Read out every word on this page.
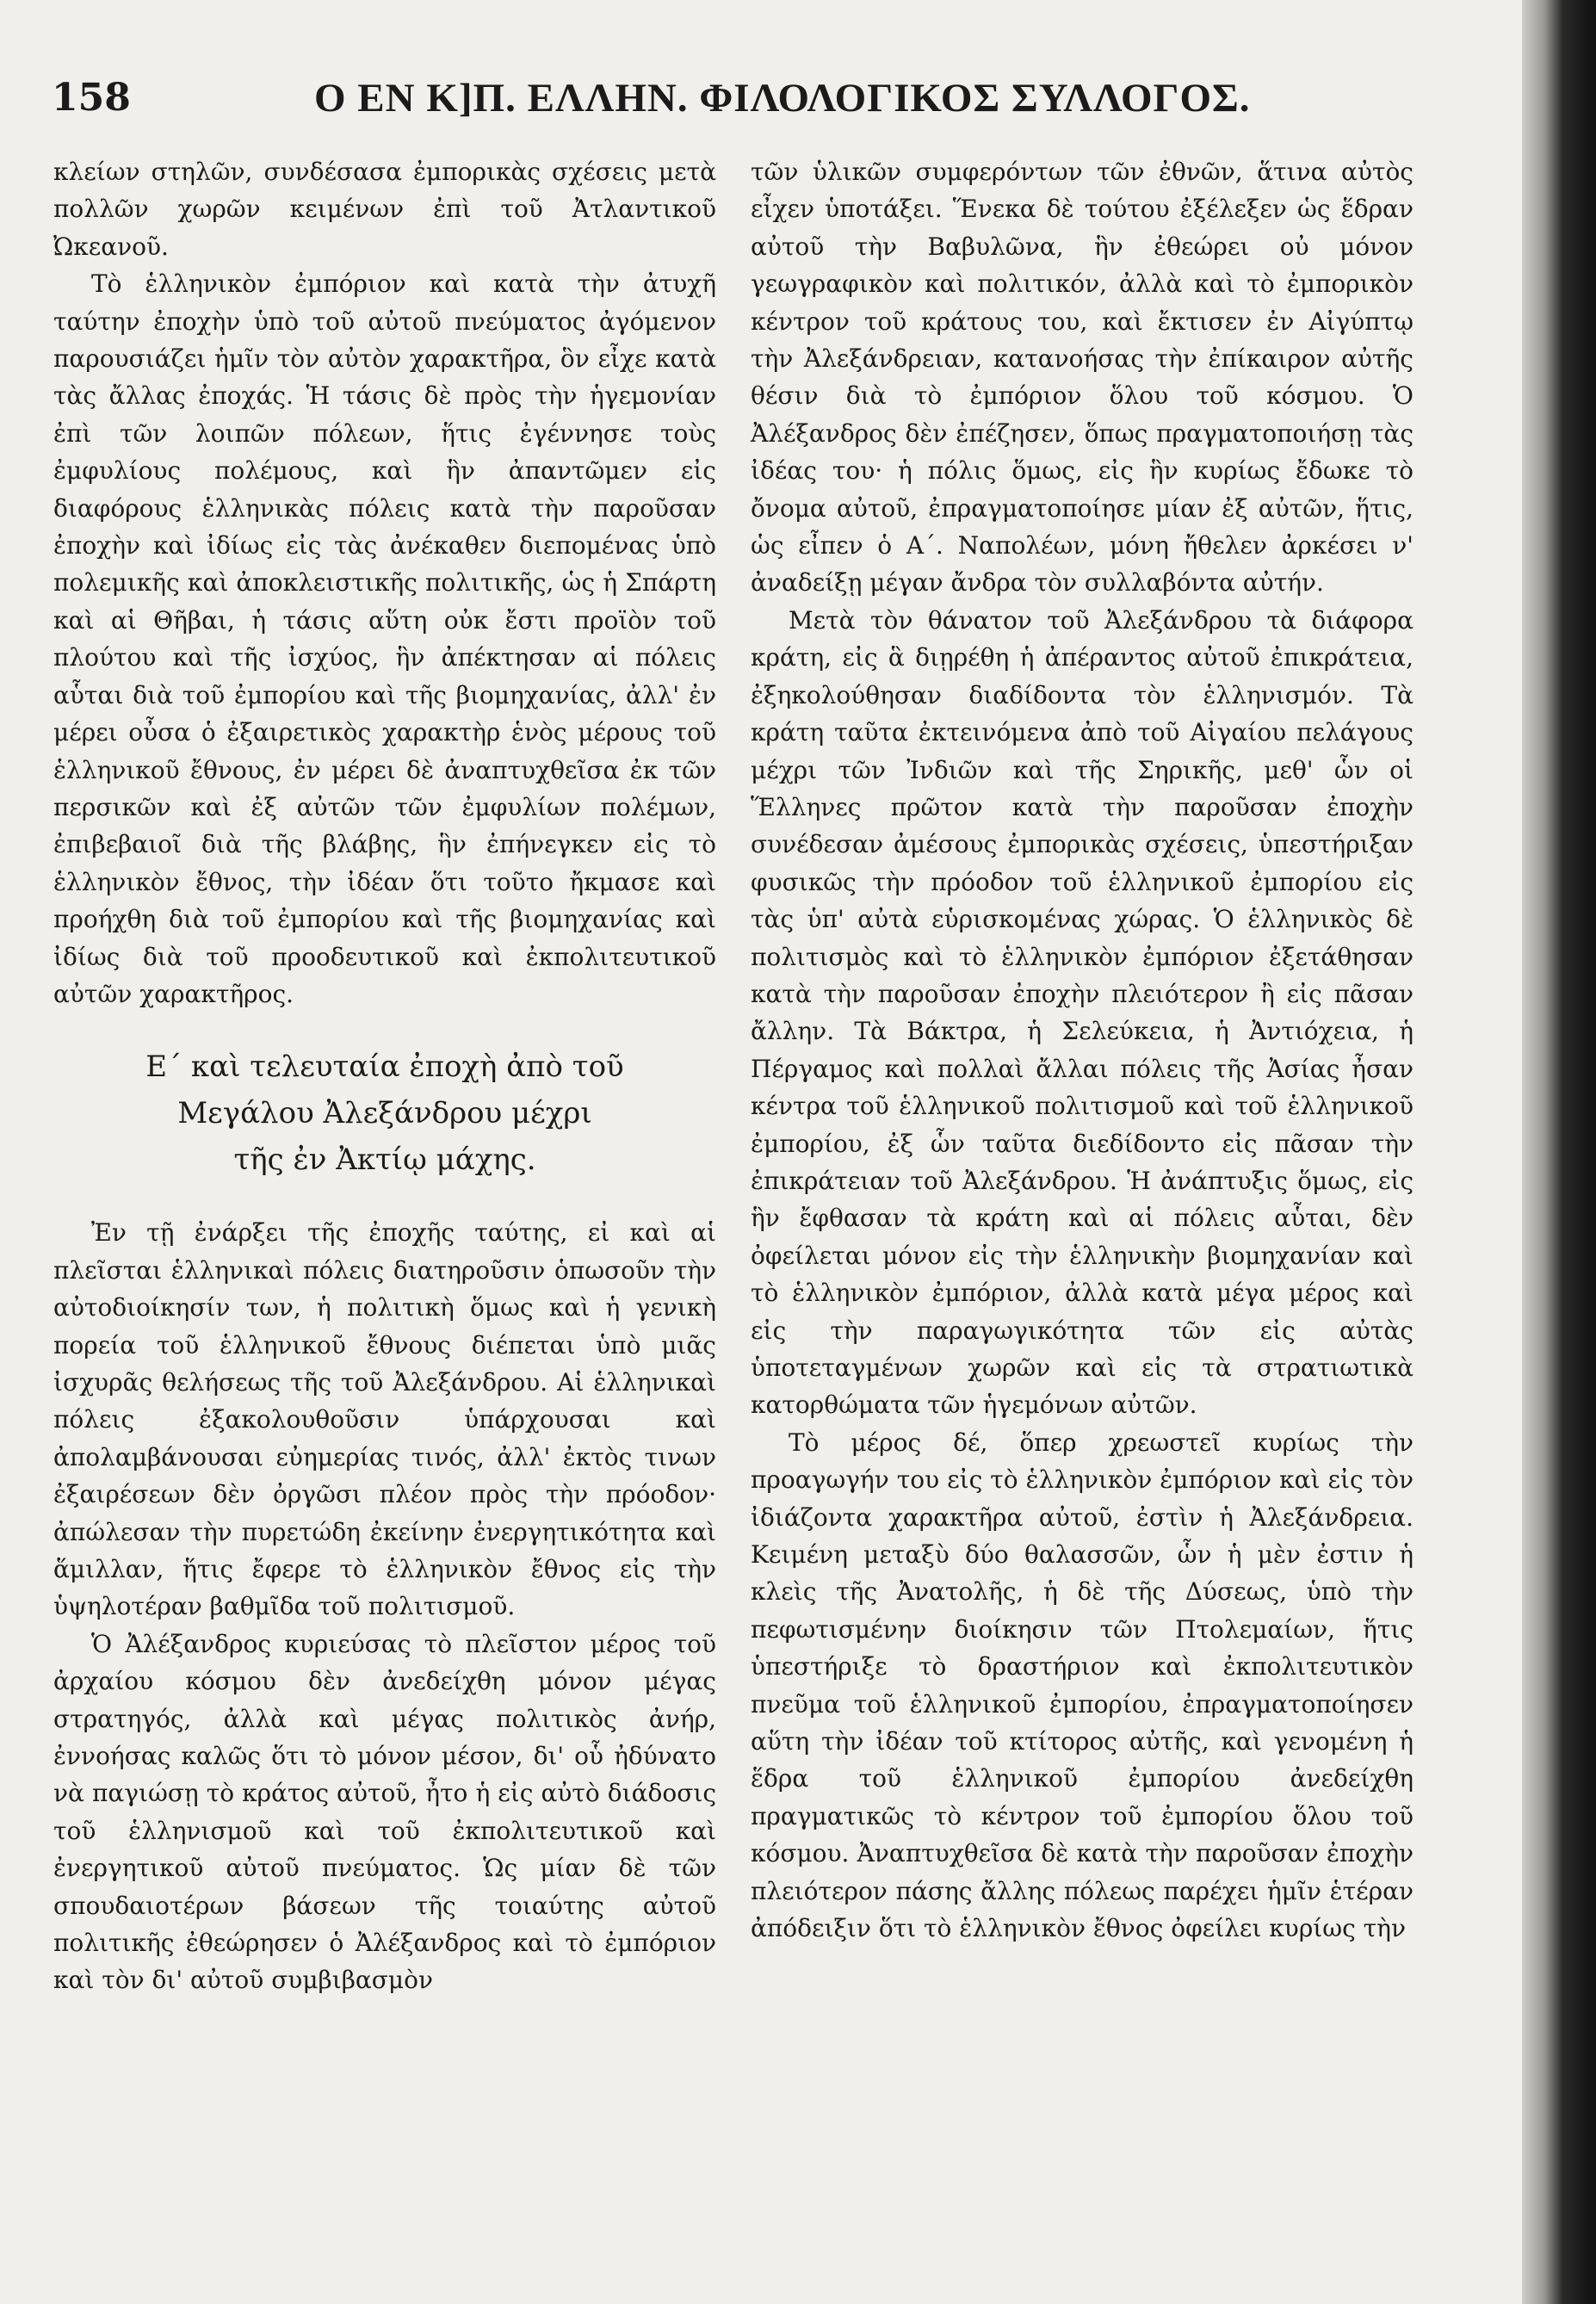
158	Ο ΕΝ Κ]Π. ΕΛΛΗΝ. ΦΙΛΟΛΟΓΙΚΟΣ ΣΥΛΛΟΓΟΣ.

κλείων στηλῶν, συνδέσασα ἐμπορικὰς σχέσεις μετὰ πολλῶν χωρῶν κειμένων ἐπὶ τοῦ Ἀτλαντικοῦ Ὠκεανοῦ.

Τὸ ἑλληνικὸν ἐμπόριον καὶ κατὰ τὴν ἀτυχῆ ταύτην ἐποχὴν ὑπὸ τοῦ αὐτοῦ πνεύματος ἀγόμενον παρουσιάζει ἡμῖν τὸν αὐτὸν χαρακτῆρα, ὃν εἶχε κατὰ τὰς ἄλλας ἐποχάς. Ἡ τάσις δὲ πρὸς τὴν ἡγεμονίαν ἐπὶ τῶν λοιπῶν πόλεων, ἥτις ἐγέννησε τοὺς ἐμφυλίους πολέμους, καὶ ἣν ἀπαντῶμεν εἰς διαφόρους ἑλληνικὰς πόλεις κατὰ τὴν παροῦσαν ἐποχὴν καὶ ἰδίως εἰς τὰς ἀνέκαθεν διεπομένας ὑπὸ πολεμικῆς καὶ ἀποκλειστικῆς πολιτικῆς, ὡς ἡ Σπάρτη καὶ αἱ Θῆβαι, ἡ τάσις αὕτη οὐκ ἔστι προϊὸν τοῦ πλούτου καὶ τῆς ἰσχύος, ἣν ἀπέκτησαν αἱ πόλεις αὗται διὰ τοῦ ἐμπορίου καὶ τῆς βιομηχανίας, ἀλλ' ἐν μέρει οὖσα ὁ ἐξαιρετικὸς χαρακτὴρ ἑνὸς μέρους τοῦ ἑλληνικοῦ ἔθνους, ἐν μέρει δὲ ἀναπτυχθεῖσα ἐκ τῶν περσικῶν καὶ ἐξ αὐτῶν τῶν ἐμφυλίων πολέμων, ἐπιβεβαιοῖ διὰ τῆς βλάβης, ἣν ἐπήνεγκεν εἰς τὸ ἑλληνικὸν ἔθνος, τὴν ἰδέαν ὅτι τοῦτο ἤκμασε καὶ προήχθη διὰ τοῦ ἐμπορίου καὶ τῆς βιομηχανίας καὶ ἰδίως διὰ τοῦ προοδευτικοῦ καὶ ἐκπολιτευτικοῦ αὐτῶν χαρακτῆρος.

Ε΄ καὶ τελευταία ἐποχὴ ἀπὸ τοῦ
Μεγάλου Ἀλεξάνδρου μέχρι
τῆς ἐν Ἀκτίῳ μάχης.

Ἐν τῇ ἐνάρξει τῆς ἐποχῆς ταύτης, εἰ καὶ αἱ πλεῖσται ἑλληνικαὶ πόλεις διατηροῦσιν ὁπωσοῦν τὴν αὐτοδιοίκησίν των, ἡ πολιτικὴ ὅμως καὶ ἡ γενικὴ πορεία τοῦ ἑλληνικοῦ ἔθνους διέπεται ὑπὸ μιᾶς ἰσχυρᾶς θελήσεως τῆς τοῦ Ἀλεξάνδρου. Αἱ ἑλληνικαὶ πόλεις ἐξακολουθοῦσιν ὑπάρχουσαι καὶ ἀπολαμβάνουσαι εὐημερίας τινός, ἀλλ' ἐκτὸς τινων ἐξαιρέσεων δὲν ὀργῶσι πλέον πρὸς τὴν πρόοδον· ἀπώλεσαν τὴν πυρετώδη ἐκείνην ἐνεργητικότητα καὶ ἅμιλλαν, ἥτις ἔφερε τὸ ἑλληνικὸν ἔθνος εἰς τὴν ὑψηλοτέραν βαθμῖδα τοῦ πολιτισμοῦ.

Ὁ Ἀλέξανδρος κυριεύσας τὸ πλεῖστον μέρος τοῦ ἀρχαίου κόσμου δὲν ἀνεδείχθη μόνον μέγας στρατηγός, ἀλλὰ καὶ μέγας πολιτικὸς ἀνήρ, ἐννοήσας καλῶς ὅτι τὸ μόνον μέσον, δι' οὗ ἠδύνατο νὰ παγιώσῃ τὸ κράτος αὐτοῦ, ἦτο ἡ εἰς αὐτὸ διάδοσις τοῦ ἑλληνισμοῦ καὶ τοῦ ἐκπολιτευτικοῦ καὶ ἐνεργητικοῦ αὐτοῦ πνεύματος. Ὡς μίαν δὲ τῶν σπουδαιοτέρων βάσεων τῆς τοιαύτης αὐτοῦ πολιτικῆς ἐθεώρησεν ὁ Ἀλέξανδρος καὶ τὸ ἐμπόριον καὶ τὸν δι' αὐτοῦ συμβιβασμὸν

τῶν ὑλικῶν συμφερόντων τῶν ἐθνῶν, ἅτινα αὐτὸς εἶχεν ὑποτάξει. Ἕνεκα δὲ τούτου ἐξέλεξεν ὡς ἕδραν αὐτοῦ τὴν Βαβυλῶνα, ἣν ἐθεώρει οὐ μόνον γεωγραφικὸν καὶ πολιτικόν, ἀλλὰ καὶ τὸ ἐμπορικὸν κέντρον τοῦ κράτους του, καὶ ἔκτισεν ἐν Αἰγύπτῳ τὴν Ἀλεξάνδρειαν, κατανοήσας τὴν ἐπίκαιρον αὐτῆς θέσιν διὰ τὸ ἐμπόριον ὅλου τοῦ κόσμου. Ὁ Ἀλέξανδρος δὲν ἐπέζησεν, ὅπως πραγματοποιήσῃ τὰς ἰδέας του· ἡ πόλις ὅμως, εἰς ἣν κυρίως ἔδωκε τὸ ὄνομα αὐτοῦ, ἐπραγματοποίησε μίαν ἐξ αὐτῶν, ἥτις, ὡς εἶπεν ὁ Α΄. Ναπολέων, μόνη ἤθελεν ἀρκέσει ν' ἀναδείξῃ μέγαν ἄνδρα τὸν συλλαβόντα αὐτήν.

Μετὰ τὸν θάνατον τοῦ Ἀλεξάνδρου τὰ διάφορα κράτη, εἰς ἃ διῃρέθη ἡ ἀπέραντος αὐτοῦ ἐπικράτεια, ἐξηκολούθησαν διαδίδοντα τὸν ἑλληνισμόν. Τὰ κράτη ταῦτα ἐκτεινόμενα ἀπὸ τοῦ Αἰγαίου πελάγους μέχρι τῶν Ἰνδιῶν καὶ τῆς Σηρικῆς, μεθ' ὧν οἱ Ἕλληνες πρῶτον κατὰ τὴν παροῦσαν ἐποχὴν συνέδεσαν ἀμέσους ἐμπορικὰς σχέσεις, ὑπεστήριξαν φυσικῶς τὴν πρόοδον τοῦ ἑλληνικοῦ ἐμπορίου εἰς τὰς ὑπ' αὐτὰ εὑρισκομένας χώρας. Ὁ ἑλληνικὸς δὲ πολιτισμὸς καὶ τὸ ἑλληνικὸν ἐμπόριον ἐξετάθησαν κατὰ τὴν παροῦσαν ἐποχὴν πλειότερον ἢ εἰς πᾶσαν ἄλλην. Τὰ Βάκτρα, ἡ Σελεύκεια, ἡ Ἀντιόχεια, ἡ Πέργαμος καὶ πολλαὶ ἄλλαι πόλεις τῆς Ἀσίας ἦσαν κέντρα τοῦ ἑλληνικοῦ πολιτισμοῦ καὶ τοῦ ἑλληνικοῦ ἐμπορίου, ἐξ ὧν ταῦτα διεδίδοντο εἰς πᾶσαν τὴν ἐπικράτειαν τοῦ Ἀλεξάνδρου. Ἡ ἀνάπτυξις ὅμως, εἰς ἣν ἔφθασαν τὰ κράτη καὶ αἱ πόλεις αὗται, δὲν ὀφείλεται μόνον εἰς τὴν ἑλληνικὴν βιομηχανίαν καὶ τὸ ἑλληνικὸν ἐμπόριον, ἀλλὰ κατὰ μέγα μέρος καὶ εἰς τὴν παραγωγικότητα τῶν εἰς αὐτὰς ὑποτεταγμένων χωρῶν καὶ εἰς τὰ στρατιωτικὰ κατορθώματα τῶν ἡγεμόνων αὐτῶν.

Τὸ μέρος δέ, ὅπερ χρεωστεῖ κυρίως τὴν προαγωγήν του εἰς τὸ ἑλληνικὸν ἐμπόριον καὶ εἰς τὸν ἰδιάζοντα χαρακτῆρα αὐτοῦ, ἐστὶν ἡ Ἀλεξάνδρεια. Κειμένη μεταξὺ δύο θαλασσῶν, ὧν ἡ μὲν ἐστιν ἡ κλεὶς τῆς Ἀνατολῆς, ἡ δὲ τῆς Δύσεως, ὑπὸ τὴν πεφωτισμένην διοίκησιν τῶν Πτολεμαίων, ἥτις ὑπεστήριξε τὸ δραστήριον καὶ ἐκπολιτευτικὸν πνεῦμα τοῦ ἑλληνικοῦ ἐμπορίου, ἐπραγματοποίησεν αὕτη τὴν ἰδέαν τοῦ κτίτορος αὐτῆς, καὶ γενομένη ἡ ἕδρα τοῦ ἑλληνικοῦ ἐμπορίου ἀνεδείχθη πραγματικῶς τὸ κέντρον τοῦ ἐμπορίου ὅλου τοῦ κόσμου. Ἀναπτυχθεῖσα δὲ κατὰ τὴν παροῦσαν ἐποχὴν πλειότερον πάσης ἄλλης πόλεως παρέχει ἡμῖν ἑτέραν ἀπόδειξιν ὅτι τὸ ἑλληνικὸν ἔθνος ὀφείλει κυρίως τὴν
